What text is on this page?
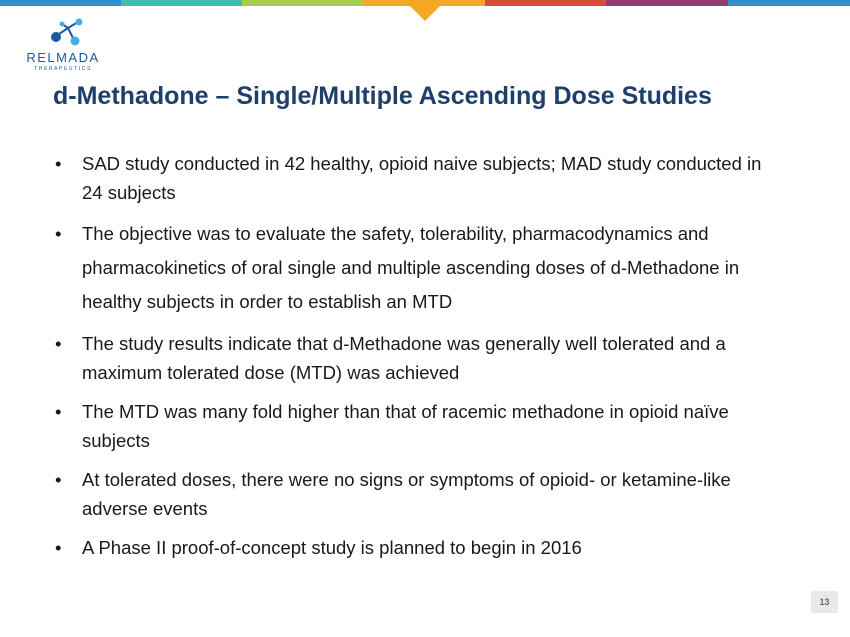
RELMADA
THERAPEUTICS
d-Methadone – Single/Multiple Ascending Dose Studies
• SAD study conducted in 42 healthy, opioid naive subjects; MAD study conducted in 24 subjects
• The objective was to evaluate the safety, tolerability, pharmacodynamics and pharmacokinetics of oral single and multiple ascending doses of d-Methadone in healthy subjects in order to establish an MTD
• The study results indicate that d-Methadone was generally well tolerated and a maximum tolerated dose (MTD) was achieved
• The MTD was many fold higher than that of racemic methadone in opioid naïve subjects
• At tolerated doses, there were no signs or symptoms of opioid- or ketamine-like adverse events
• A Phase II proof-of-concept study is planned to begin in 2016
13
